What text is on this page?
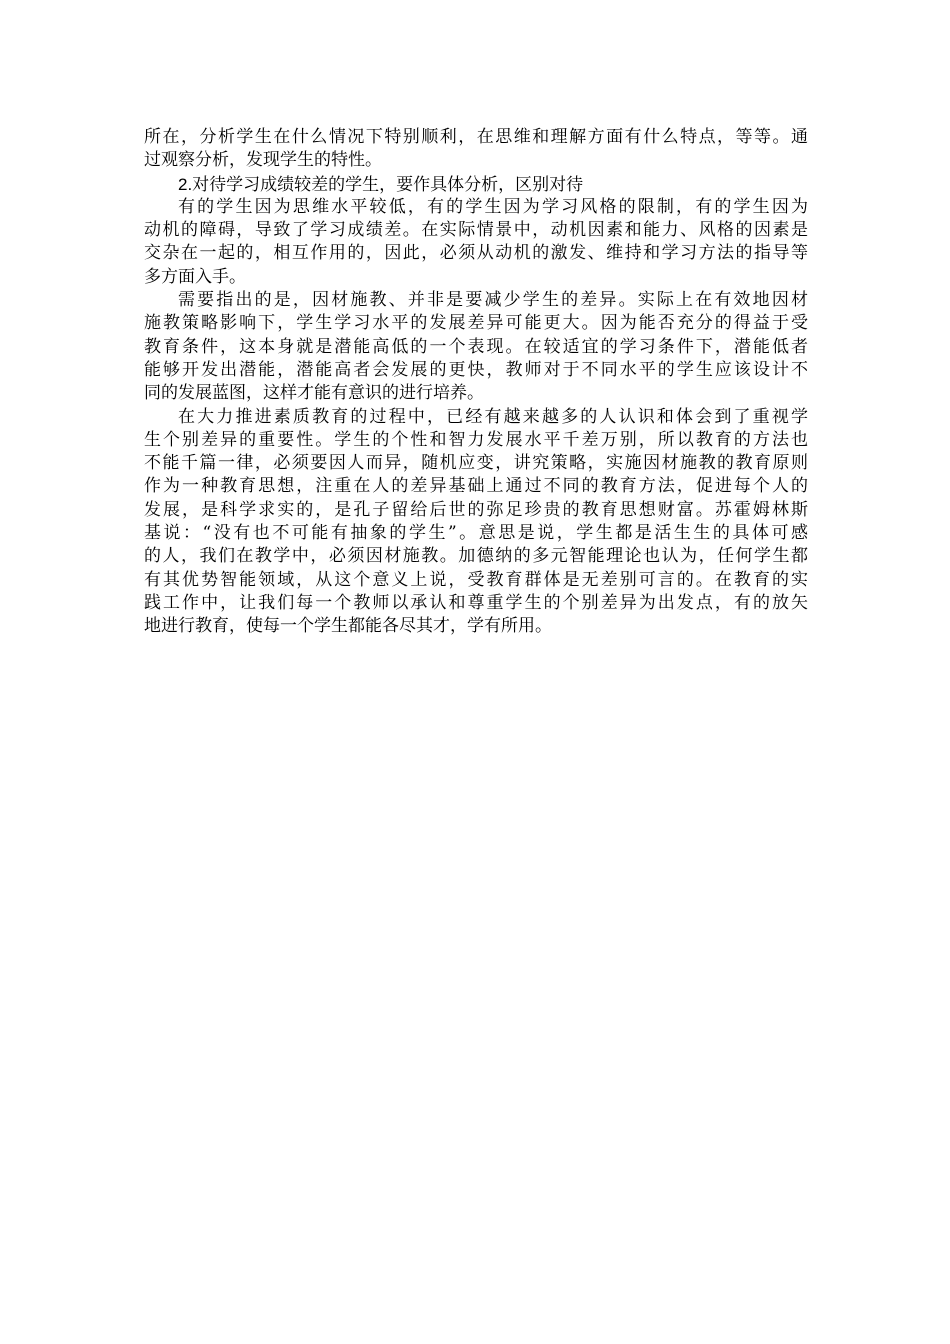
所在，分析学生在什么情况下特别顺利，在思维和理解方面有什么特点，等等。通
过观察分析，发现学生的特性。
2.对待学习成绩较差的学生，要作具体分析，区别对待
有的学生因为思维水平较低，有的学生因为学习风格的限制，有的学生因为
动机的障碍，导致了学习成绩差。在实际情景中，动机因素和能力、风格的因素是
交杂在一起的，相互作用的，因此，必须从动机的激发、维持和学习方法的指导等
多方面入手。
需要指出的是，因材施教、并非是要减少学生的差异。实际上在有效地因材
施教策略影响下，学生学习水平的发展差异可能更大。因为能否充分的得益于受
教育条件，这本身就是潜能高低的一个表现。在较适宜的学习条件下，潜能低者
能够开发出潜能，潜能高者会发展的更快，教师对于不同水平的学生应该设计不
同的发展蓝图，这样才能有意识的进行培养。
在大力推进素质教育的过程中，已经有越来越多的人认识和体会到了重视学
生个别差异的重要性。学生的个性和智力发展水平千差万别，所以教育的方法也
不能千篇一律，必须要因人而异，随机应变，讲究策略，实施因材施教的教育原则
作为一种教育思想，注重在人的差异基础上通过不同的教育方法，促进每个人的
发展，是科学求实的，是孔子留给后世的弥足珍贵的教育思想财富。苏霍姆林斯
基说：“没有也不可能有抽象的学生”。意思是说，学生都是活生生的具体可感
的人，我们在教学中，必须因材施教。加德纳的多元智能理论也认为，任何学生都
有其优势智能领域，从这个意义上说，受教育群体是无差别可言的。在教育的实
践工作中，让我们每一个教师以承认和尊重学生的个别差异为出发点，有的放矢
地进行教育，使每一个学生都能各尽其才，学有所用。
